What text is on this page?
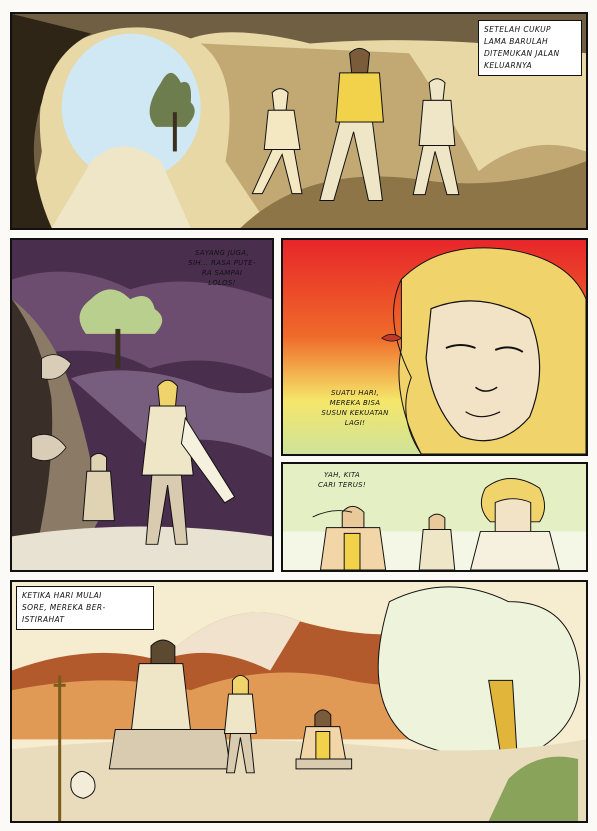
SETELAH CUKUP
LAMA BARULAH
DITEMUKAN JALAN
KELUARNYA
SAYANG JUGA,
SIH... RASA PUTE-
RA SAMPAI
LOLOS!
SUATU HARI,
MEREKA BISA
SUSUN KEKUATAN
LAGI!
YAH, KITA
CARI TERUS!
KETIKA HARI MULAI
SORE, MEREKA BER-
ISTIRAHAT
